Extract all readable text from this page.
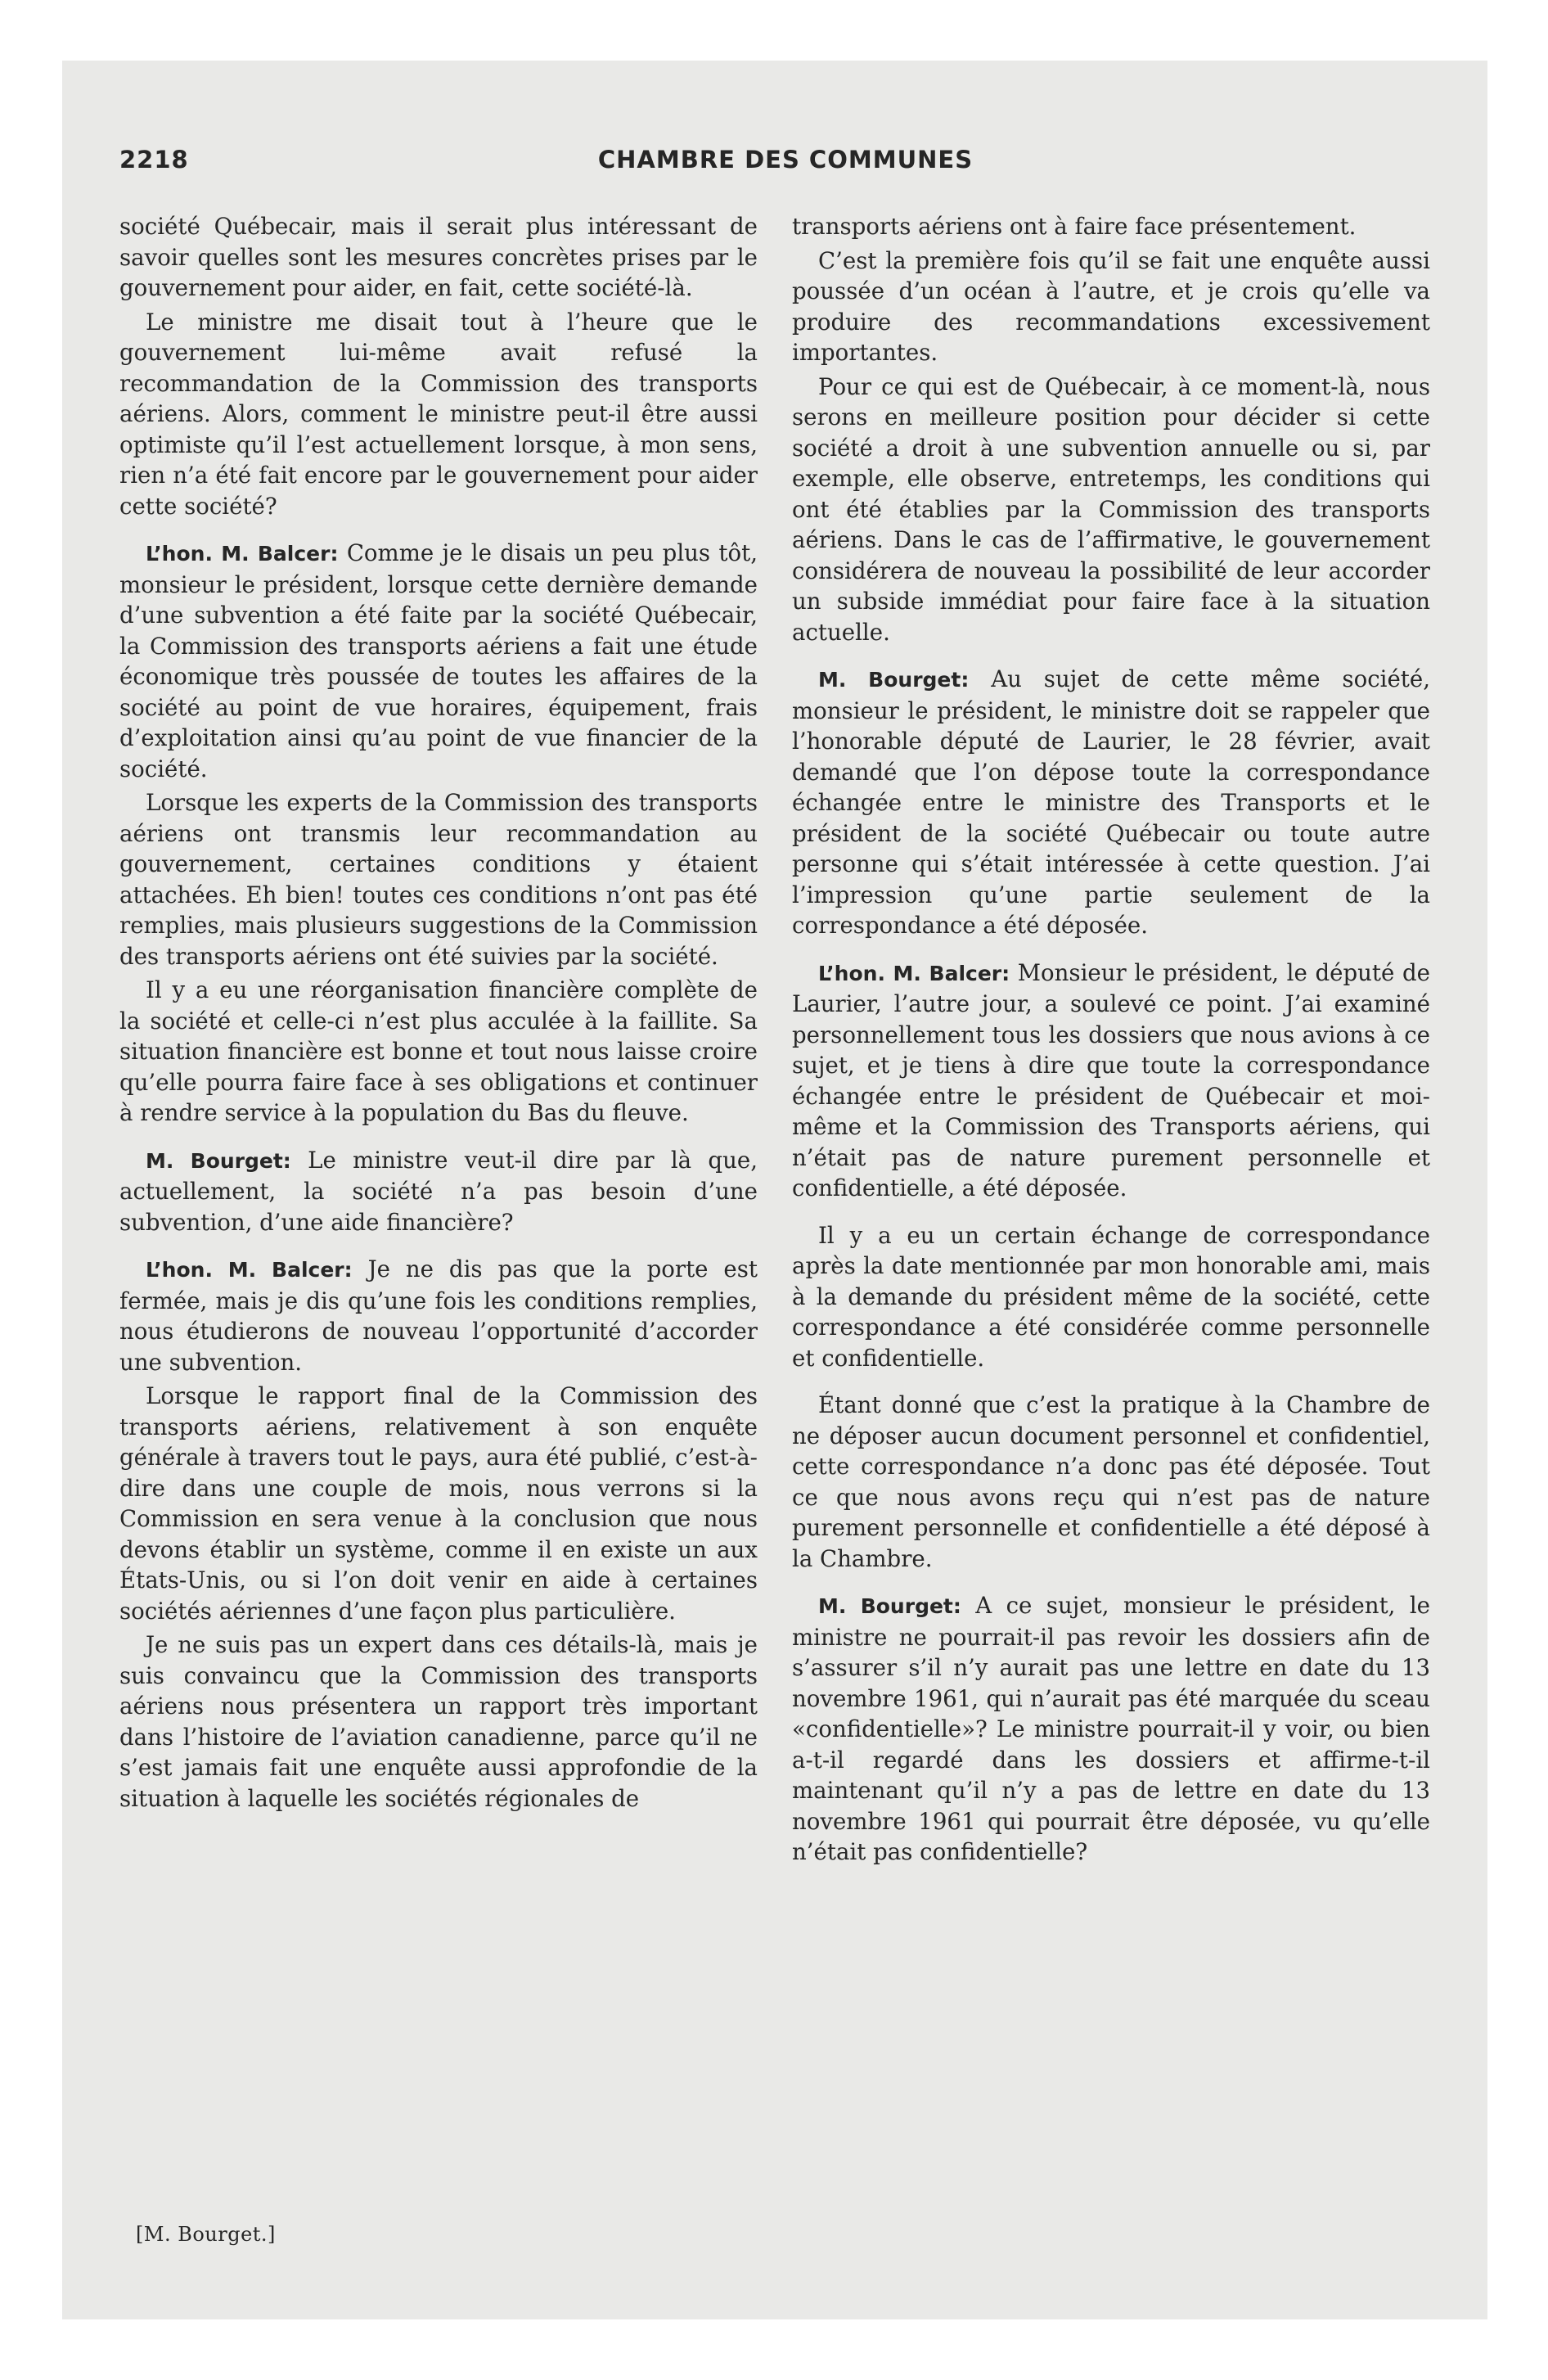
2218	CHAMBRE DES COMMUNES

société Québecair, mais il serait plus intéressant de savoir quelles sont les mesures concrètes prises par le gouvernement pour aider, en fait, cette société-là.

Le ministre me disait tout à l’heure que le gouvernement lui-même avait refusé la recommandation de la Commission des transports aériens. Alors, comment le ministre peut-il être aussi optimiste qu’il l’est actuellement lorsque, à mon sens, rien n’a été fait encore par le gouvernement pour aider cette société?

L’hon. M. Balcer: Comme je le disais un peu plus tôt, monsieur le président, lorsque cette dernière demande d’une subvention a été faite par la société Québecair, la Commission des transports aériens a fait une étude économique très poussée de toutes les affaires de la société au point de vue horaires, équipement, frais d’exploitation ainsi qu’au point de vue financier de la société.

Lorsque les experts de la Commission des transports aériens ont transmis leur recommandation au gouvernement, certaines conditions y étaient attachées. Eh bien! toutes ces conditions n’ont pas été remplies, mais plusieurs suggestions de la Commission des transports aériens ont été suivies par la société.

Il y a eu une réorganisation financière complète de la société et celle-ci n’est plus acculée à la faillite. Sa situation financière est bonne et tout nous laisse croire qu’elle pourra faire face à ses obligations et continuer à rendre service à la population du Bas du fleuve.

M. Bourget: Le ministre veut-il dire par là que, actuellement, la société n’a pas besoin d’une subvention, d’une aide financière?

L’hon. M. Balcer: Je ne dis pas que la porte est fermée, mais je dis qu’une fois les conditions remplies, nous étudierons de nouveau l’opportunité d’accorder une subvention.

Lorsque le rapport final de la Commission des transports aériens, relativement à son enquête générale à travers tout le pays, aura été publié, c’est-à-dire dans une couple de mois, nous verrons si la Commission en sera venue à la conclusion que nous devons établir un système, comme il en existe un aux États-Unis, ou si l’on doit venir en aide à certaines sociétés aériennes d’une façon plus particulière.

Je ne suis pas un expert dans ces détails-là, mais je suis convaincu que la Commission des transports aériens nous présentera un rapport très important dans l’histoire de l’aviation canadienne, parce qu’il ne s’est jamais fait une enquête aussi approfondie de la situation à laquelle les sociétés régionales de

transports aériens ont à faire face présentement.

C’est la première fois qu’il se fait une enquête aussi poussée d’un océan à l’autre, et je crois qu’elle va produire des recommandations excessivement importantes.

Pour ce qui est de Québecair, à ce moment-là, nous serons en meilleure position pour décider si cette société a droit à une subvention annuelle ou si, par exemple, elle observe, entretemps, les conditions qui ont été établies par la Commission des transports aériens. Dans le cas de l’affirmative, le gouvernement considérera de nouveau la possibilité de leur accorder un subside immédiat pour faire face à la situation actuelle.

M. Bourget: Au sujet de cette même société, monsieur le président, le ministre doit se rappeler que l’honorable député de Laurier, le 28 février, avait demandé que l’on dépose toute la correspondance échangée entre le ministre des Transports et le président de la société Québecair ou toute autre personne qui s’était intéressée à cette question. J’ai l’impression qu’une partie seulement de la correspondance a été déposée.

L’hon. M. Balcer: Monsieur le président, le député de Laurier, l’autre jour, a soulevé ce point. J’ai examiné personnellement tous les dossiers que nous avions à ce sujet, et je tiens à dire que toute la correspondance échangée entre le président de Québecair et moi-même et la Commission des Transports aériens, qui n’était pas de nature purement personnelle et confidentielle, a été déposée.

Il y a eu un certain échange de correspondance après la date mentionnée par mon honorable ami, mais à la demande du président même de la société, cette correspondance a été considérée comme personnelle et confidentielle.

Étant donné que c’est la pratique à la Chambre de ne déposer aucun document personnel et confidentiel, cette correspondance n’a donc pas été déposée. Tout ce que nous avons reçu qui n’est pas de nature purement personnelle et confidentielle a été déposé à la Chambre.

M. Bourget: A ce sujet, monsieur le président, le ministre ne pourrait-il pas revoir les dossiers afin de s’assurer s’il n’y aurait pas une lettre en date du 13 novembre 1961, qui n’aurait pas été marquée du sceau «confidentielle»? Le ministre pourrait-il y voir, ou bien a-t-il regardé dans les dossiers et affirme-t-il maintenant qu’il n’y a pas de lettre en date du 13 novembre 1961 qui pourrait être déposée, vu qu’elle n’était pas confidentielle?

[M. Bourget.]
